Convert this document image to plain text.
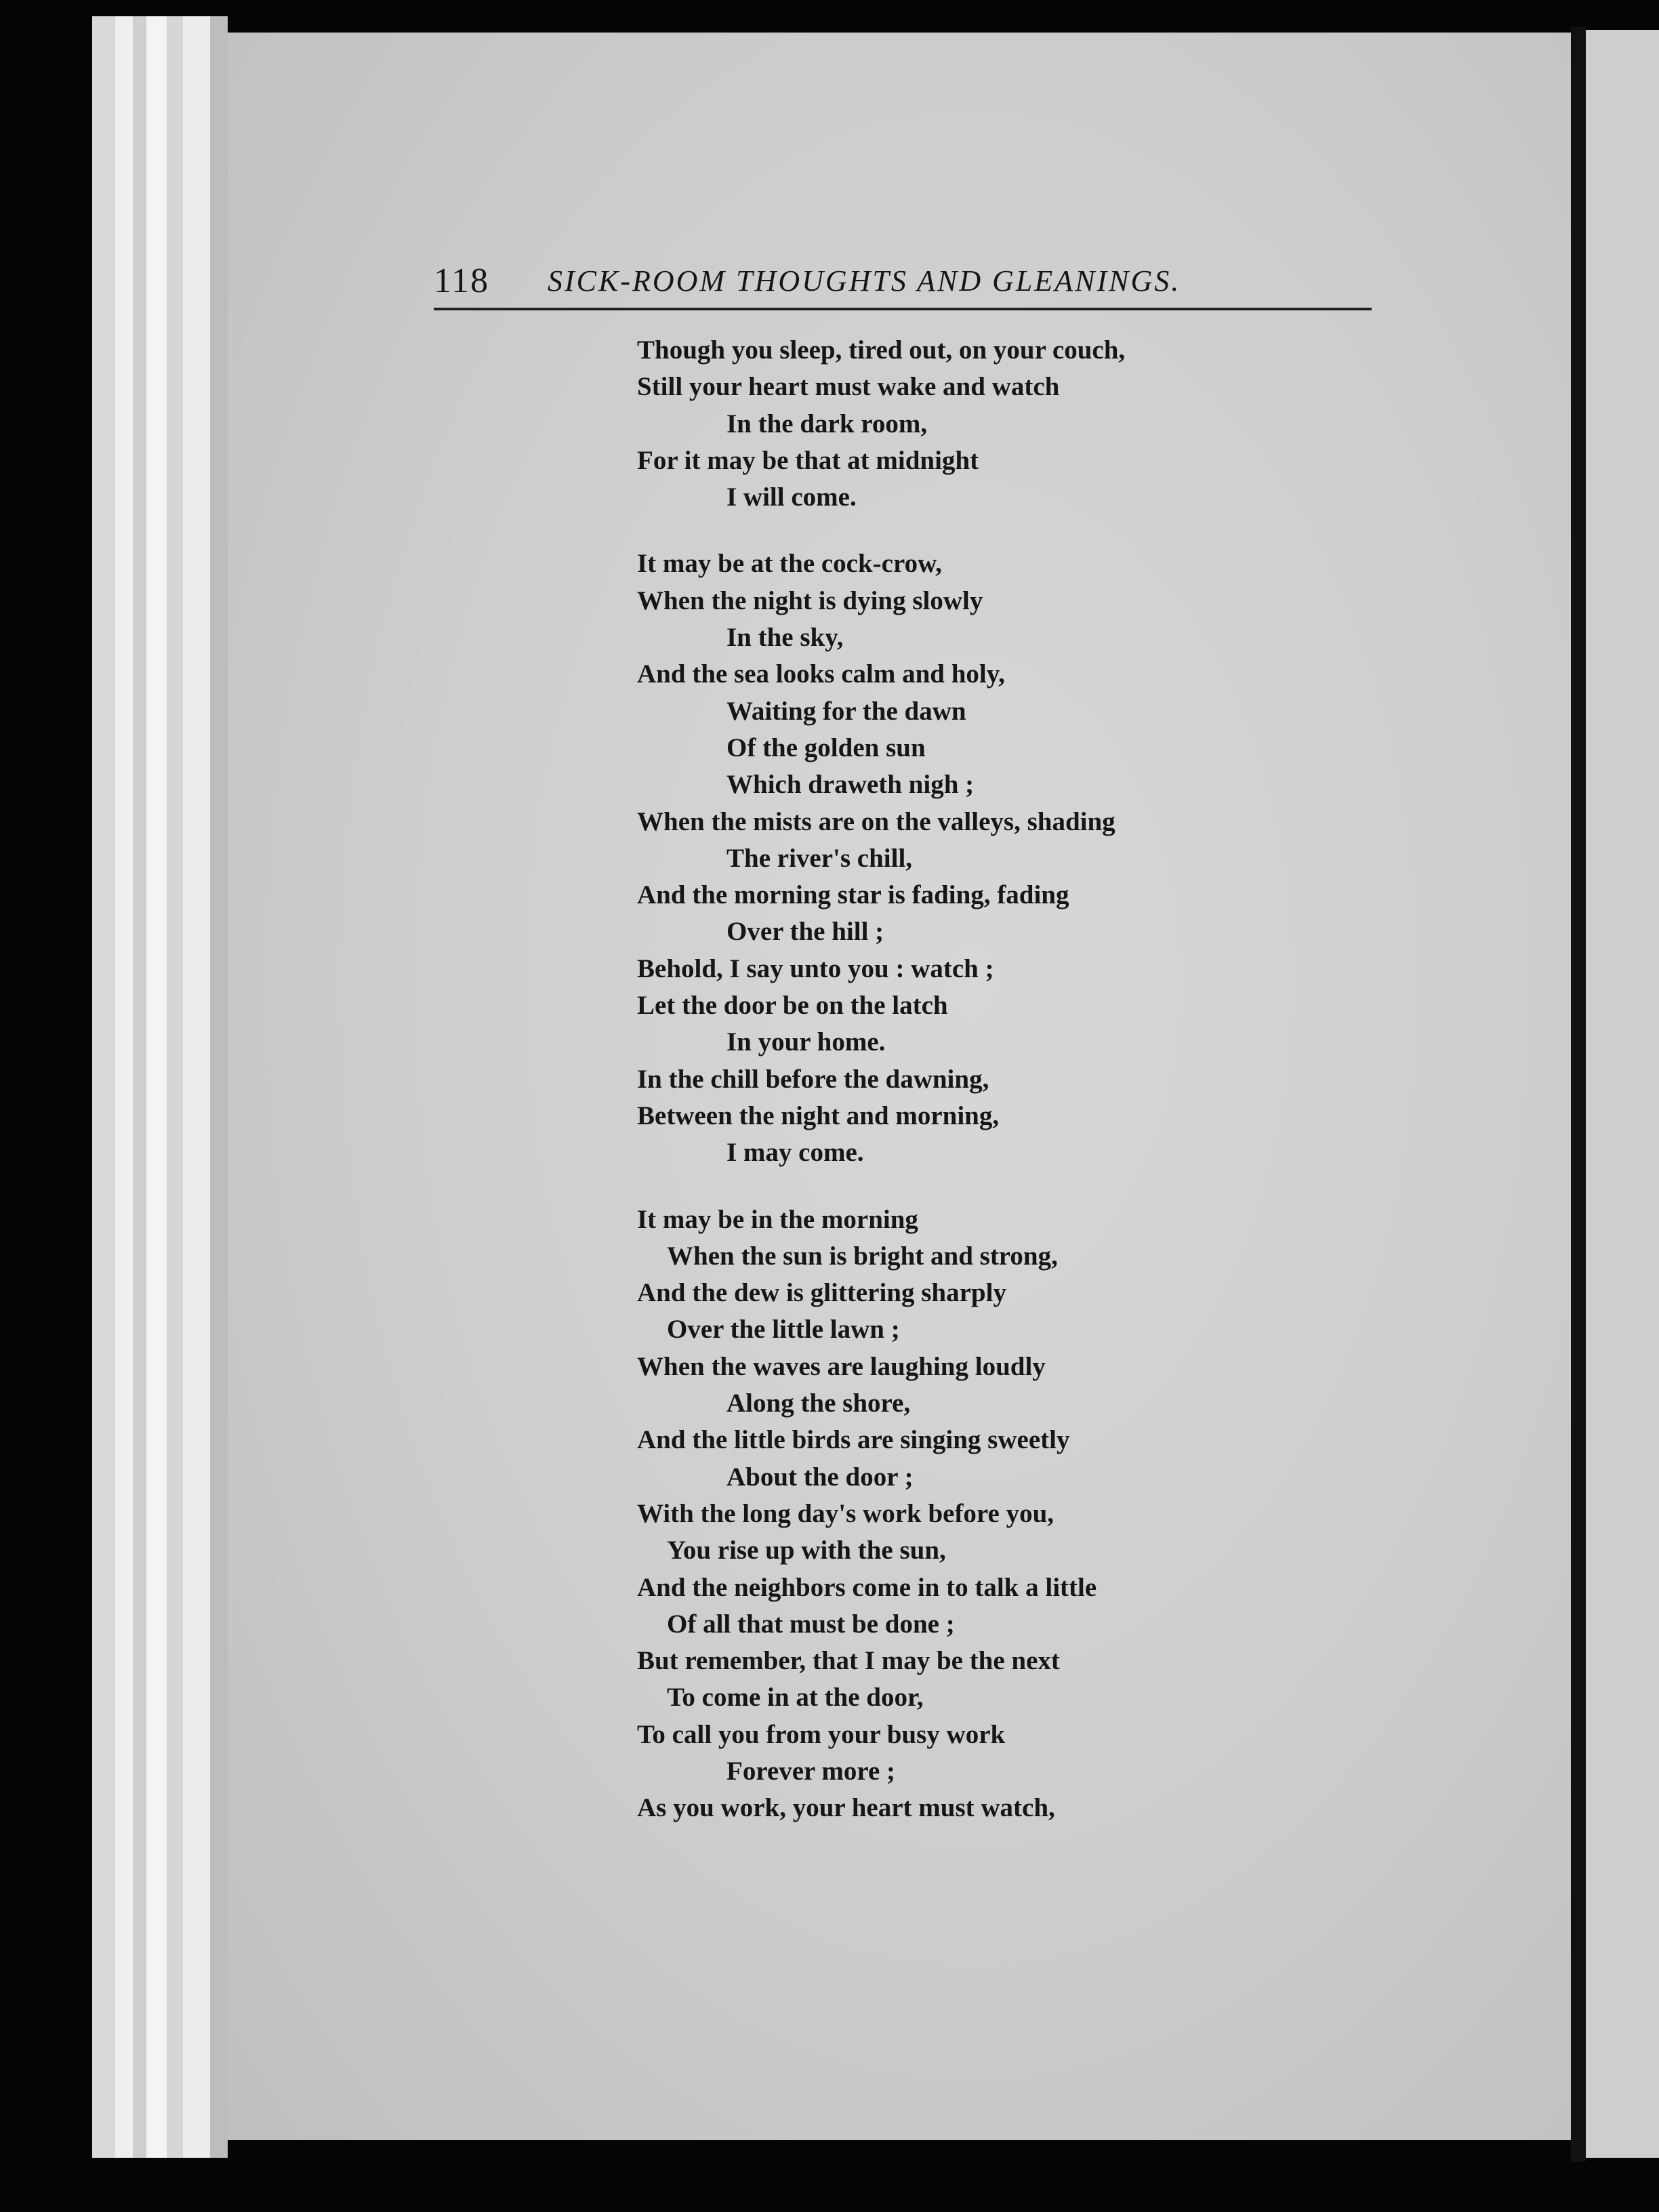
118 SICK-ROOM THOUGHTS AND GLEANINGS.
Though you sleep, tired out, on your couch,
Still your heart must wake and watch
In the dark room,
For it may be that at midnight
I will come.
It may be at the cock-crow,
When the night is dying slowly
In the sky,
And the sea looks calm and holy,
Waiting for the dawn
Of the golden sun
Which draweth nigh ;
When the mists are on the valleys, shading
The river's chill,
And the morning star is fading, fading
Over the hill ;
Behold, I say unto you : watch ;
Let the door be on the latch
In your home.
In the chill before the dawning,
Between the night and morning,
I may come.
It may be in the morning
When the sun is bright and strong,
And the dew is glittering sharply
Over the little lawn ;
When the waves are laughing loudly
Along the shore,
And the little birds are singing sweetly
About the door ;
With the long day's work before you,
You rise up with the sun,
And the neighbors come in to talk a little
Of all that must be done ;
But remember, that I may be the next
To come in at the door,
To call you from your busy work
Forever more ;
As you work, your heart must watch,
